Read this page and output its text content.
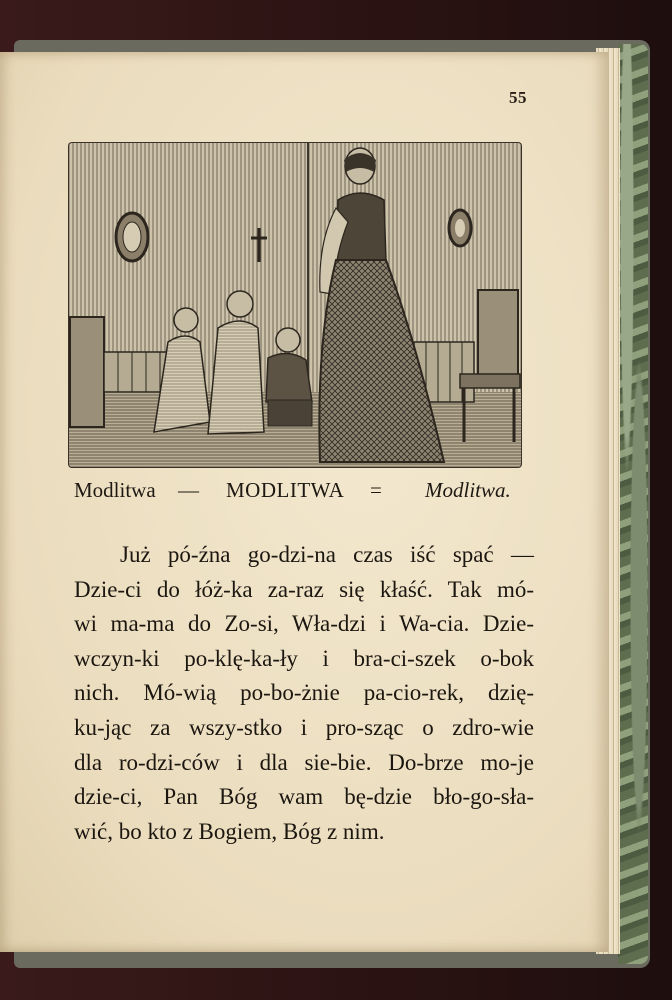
55
Modlitwa — MODLITWA = Modlitwa.
Już pó-źna go-dzi-na czas iść spać —
Dzie-ci do łóż-ka za-raz się kłaść. Tak mó-
wi ma-ma do Zo-si, Wła-dzi i Wa-cia. Dzie-
wczyn-ki po-klę-ka-ły i bra-ci-szek o-bok
nich. Mó-wią po-bo-żnie pa-cio-rek, dzię-
ku-jąc za wszy-stko i pro-sząc o zdro-wie
dla ro-dzi-ców i dla sie-bie. Do-brze mo-je
dzie-ci, Pan Bóg wam bę-dzie bło-go-sła-
wić, bo kto z Bogiem, Bóg z nim.
